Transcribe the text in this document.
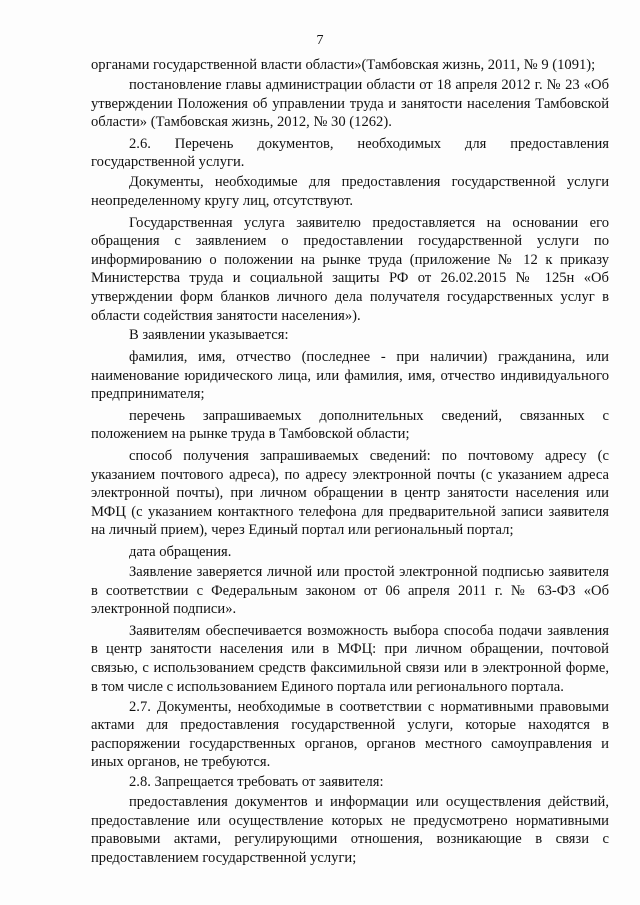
7

органами государственной власти области»(Тамбовская жизнь, 2011, № 9 (1091);

постановление главы администрации области от 18 апреля 2012 г. № 23 «Об утверждении Положения об управлении труда и занятости населения Тамбовской области» (Тамбовская жизнь, 2012, № 30 (1262).

2.6. Перечень документов, необходимых для предоставления государственной услуги.

Документы, необходимые для предоставления государственной услуги неопределенному кругу лиц, отсутствуют.

Государственная услуга заявителю предоставляется на основании его обращения с заявлением о предоставлении государственной услуги по информированию о положении на рынке труда (приложение № 12 к приказу Министерства труда и социальной защиты РФ от 26.02.2015 № 125н «Об утверждении форм бланков личного дела получателя государственных услуг в области содействия занятости населения»).

В заявлении указывается:

фамилия, имя, отчество (последнее - при наличии) гражданина, или наименование юридического лица, или фамилия, имя, отчество индивидуального предпринимателя;

перечень запрашиваемых дополнительных сведений, связанных с положением на рынке труда в Тамбовской области;

способ получения запрашиваемых сведений: по почтовому адресу (с указанием почтового адреса), по адресу электронной почты (с указанием адреса электронной почты), при личном обращении в центр занятости населения или МФЦ (с указанием контактного телефона для предварительной записи заявителя на личный прием), через Единый портал или региональный портал;

дата обращения.

Заявление заверяется личной или простой электронной подписью заявителя в соответствии с Федеральным законом от 06 апреля 2011 г. № 63-ФЗ «Об электронной подписи».

Заявителям обеспечивается возможность выбора способа подачи заявления в центр занятости населения или в МФЦ: при личном обращении, почтовой связью, с использованием средств факсимильной связи или в электронной форме, в том числе с использованием Единого портала или регионального портала.

2.7. Документы, необходимые в соответствии с нормативными правовыми актами для предоставления государственной услуги, которые находятся в распоряжении государственных органов, органов местного самоуправления и иных органов, не требуются.

2.8. Запрещается требовать от заявителя:

предоставления документов и информации или осуществления действий, предоставление или осуществление которых не предусмотрено нормативными правовыми актами, регулирующими отношения, возникающие в связи с предоставлением государственной услуги;
